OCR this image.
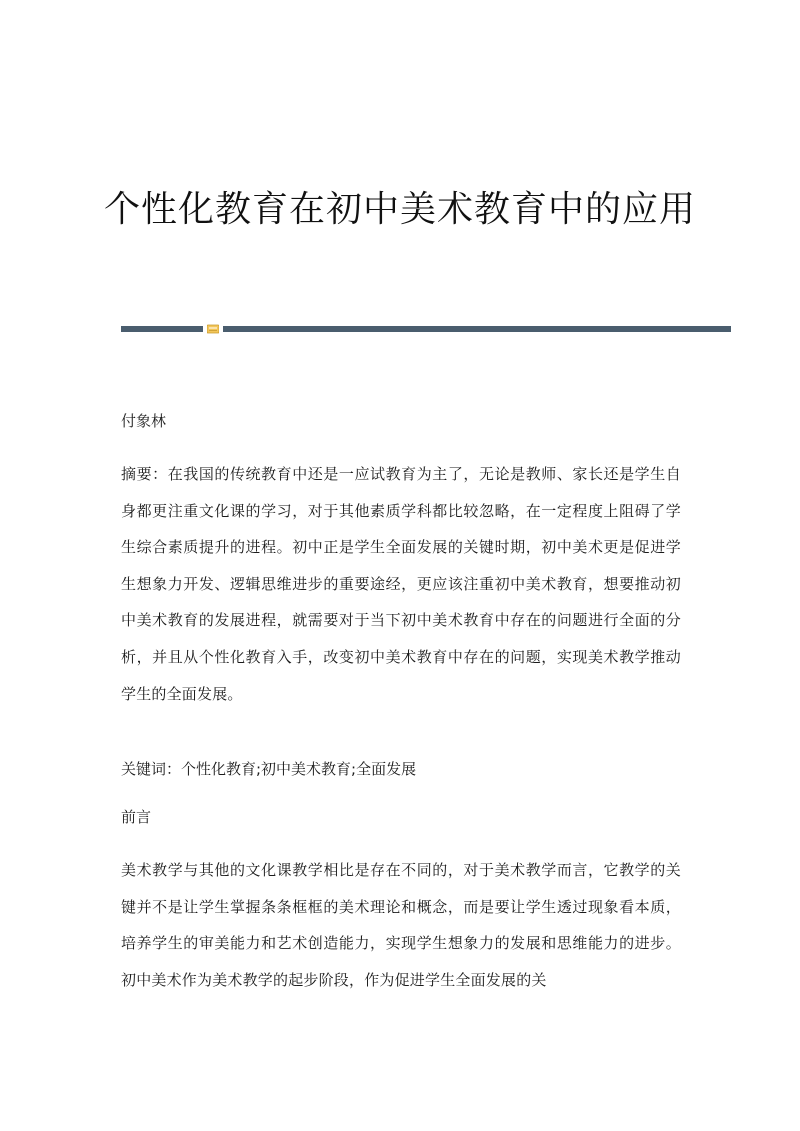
个性化教育在初中美术教育中的应用
付象林
摘要：在我国的传统教育中还是一应试教育为主了，无论是教师、家长还是学生自身都更注重文化课的学习，对于其他素质学科都比较忽略，在一定程度上阻碍了学生综合素质提升的进程。初中正是学生全面发展的关键时期，初中美术更是促进学生想象力开发、逻辑思维进步的重要途经，更应该注重初中美术教育，想要推动初中美术教育的发展进程，就需要对于当下初中美术教育中存在的问题进行全面的分析，并且从个性化教育入手，改变初中美术教育中存在的问题，实现美术教学推动学生的全面发展。
关键词：个性化教育;初中美术教育;全面发展
前言
美术教学与其他的文化课教学相比是存在不同的，对于美术教学而言，它教学的关键并不是让学生掌握条条框框的美术理论和概念，而是要让学生透过现象看本质，培养学生的审美能力和艺术创造能力，实现学生想象力的发展和思维能力的进步。初中美术作为美术教学的起步阶段，作为促进学生全面发展的关
